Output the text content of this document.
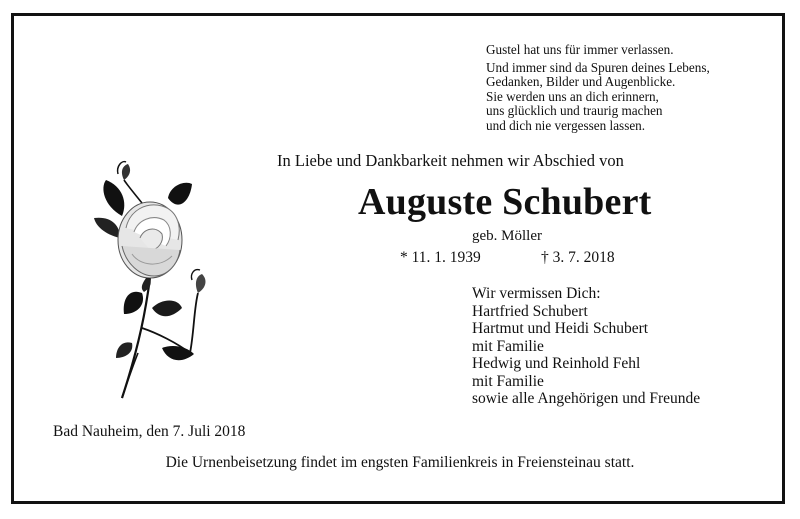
Gustel hat uns für immer verlassen.
Und immer sind da Spuren deines Lebens,
Gedanken, Bilder und Augenblicke.
Sie werden uns an dich erinnern,
uns glücklich und traurig machen
und dich nie vergessen lassen.
In Liebe und Dankbarkeit nehmen wir Abschied von
Auguste Schubert
geb. Möller
* 11. 1. 1939	† 3. 7. 2018
Wir vermissen Dich:
Hartfried Schubert
Hartmut und Heidi Schubert
mit Familie
Hedwig und Reinhold Fehl
mit Familie
sowie alle Angehörigen und Freunde
Bad Nauheim, den 7. Juli 2018
Die Urnenbeisetzung findet im engsten Familienkreis in Freiensteinau statt.
